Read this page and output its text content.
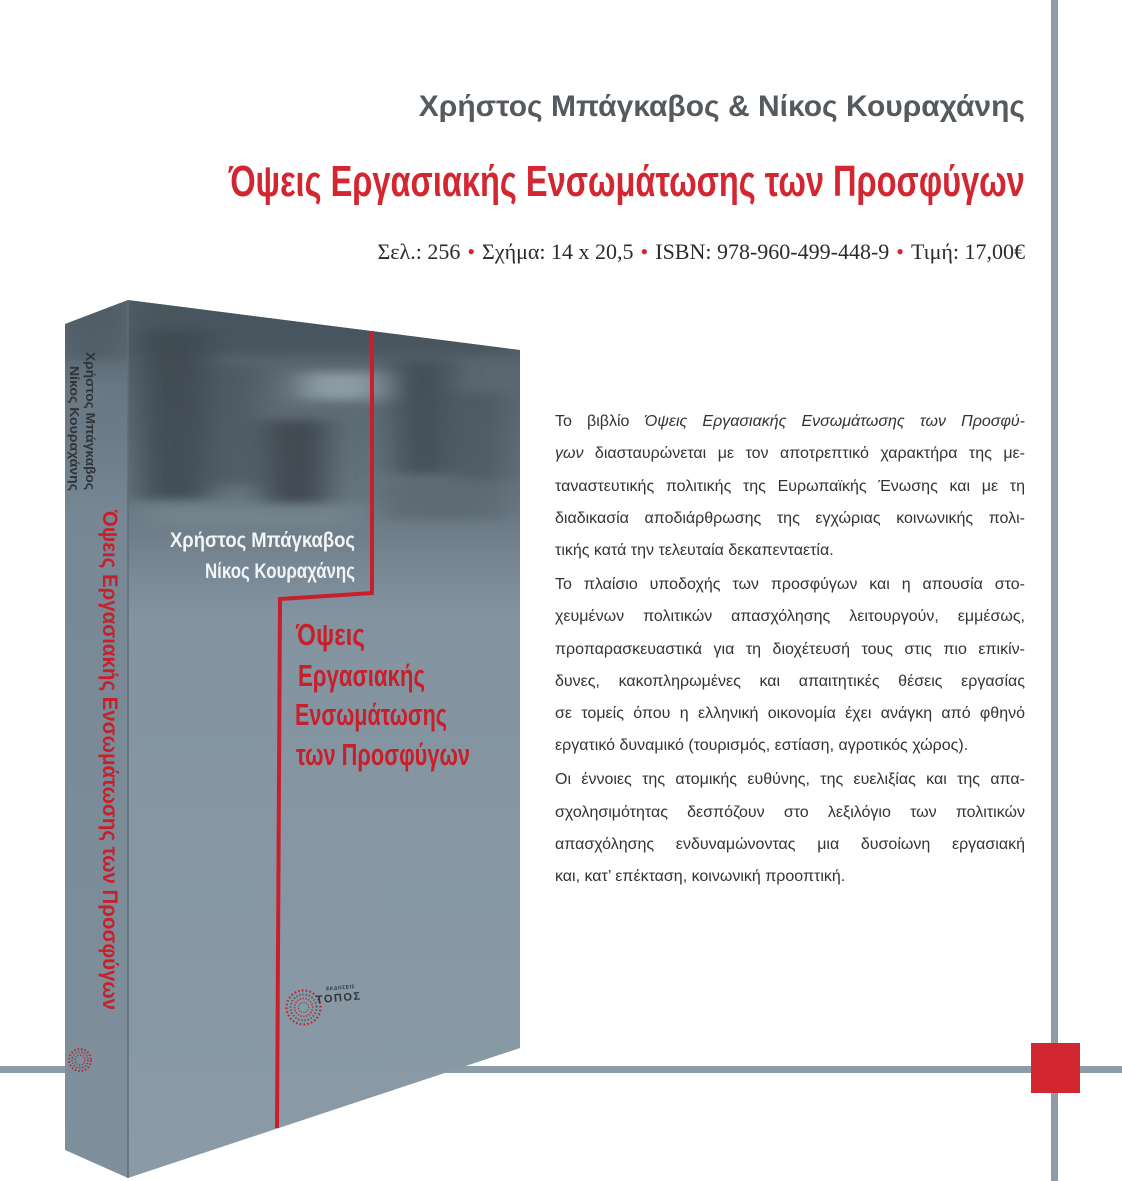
Χρήστος Μπάγκαβος & Νίκος Κουραχάνης
Όψεις Εργασιακής Ενσωμάτωσης των Προσφύγων
Σελ.: 256 • Σχήμα: 14 x 20,5 • ISBN: 978-960-499-448-9 • Τιμή: 17,00€
Χρήστος Μπάγκαβος
Νίκος Κουραχάνης
Όψεις
Εργασιακής
Ενσωμάτωσης
των Προσφύγων
Χρήστος Μπάγκαβος
Νίκος Κουραχάνης
Όψεις Εργασιακής Ενσωμάτωσης των Προσφύγων	ΕΚΔΟΣΕΙΣ
ΤΟΠΟΣ
Το βιβλίο Όψεις Εργασιακής Ενσωμάτωσης των Προσφύ-
γων διασταυρώνεται με τον αποτρεπτικό χαρακτήρα της με-
ταναστευτικής πολιτικής της Ευρωπαϊκής Ένωσης και με τη
διαδικασία αποδιάρθρωσης της εγχώριας κοινωνικής πολι-
τικής κατά την τελευταία δεκαπενταετία.
Το πλαίσιο υποδοχής των προσφύγων και η απουσία στο-
χευμένων πολιτικών απασχόλησης λειτουργούν, εμμέσως,
προπαρασκευαστικά για τη διοχέτευσή τους στις πιο επικίν-
δυνες, κακοπληρωμένες και απαιτητικές θέσεις εργασίας
σε τομείς όπου η ελληνική οικονομία έχει ανάγκη από φθηνό
εργατικό δυναμικό (τουρισμός, εστίαση, αγροτικός χώρος).
Οι έννοιες της ατομικής ευθύνης, της ευελιξίας και της απα-
σχολησιμότητας δεσπόζουν στο λεξιλόγιο των πολιτικών
απασχόλησης ενδυναμώνοντας μια δυσοίωνη εργασιακή
και, κατ’ επέκταση, κοινωνική προοπτική.
